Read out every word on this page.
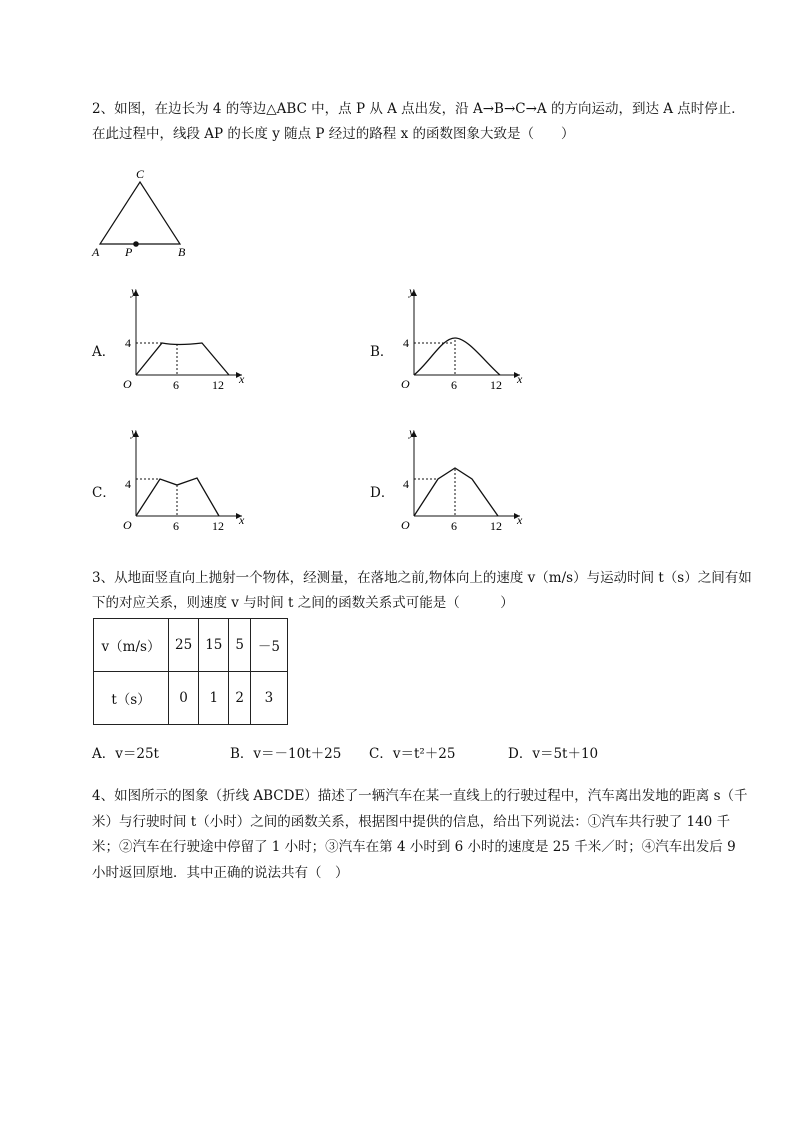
2、如图，在边长为 4 的等边△ABC 中，点 P 从 A 点出发，沿 A→B→C→A 的方向运动，到达 A 点时停止．在此过程中，线段 AP 的长度 y 随点 P 经过的路程 x 的函数图象大致是（　　）
C
A	B
P
A．
4
6	12
O	x
y
B．
4
6	12
O	x
y
C．
4
6	12
O	x
y
D．
4
6	12
O	x
y
3、从地面竖直向上抛射一个物体，经测量，在落地之前,物体向上的速度 v（m/s）与运动时间 t（s）之间有如下的对应关系，则速度 v 与时间 t 之间的函数关系式可能是（　　　）
v（m/s）	25	15	5	－5
t（s）	0	1	2	3
A．v＝25t	B．v＝－10t＋25 C．v＝t²＋25	D．v＝5t＋10
4、如图所示的图象（折线 ABCDE）描述了一辆汽车在某一直线上的行驶过程中，汽车离出发地的距离 s（千米）与行驶时间 t（小时）之间的函数关系，根据图中提供的信息，给出下列说法：①汽车共行驶了 140 千米；②汽车在行驶途中停留了 1 小时；③汽车在第 4 小时到 6 小时的速度是 25 千米／时；④汽车出发后 9 小时返回原地．其中正确的说法共有（　）
